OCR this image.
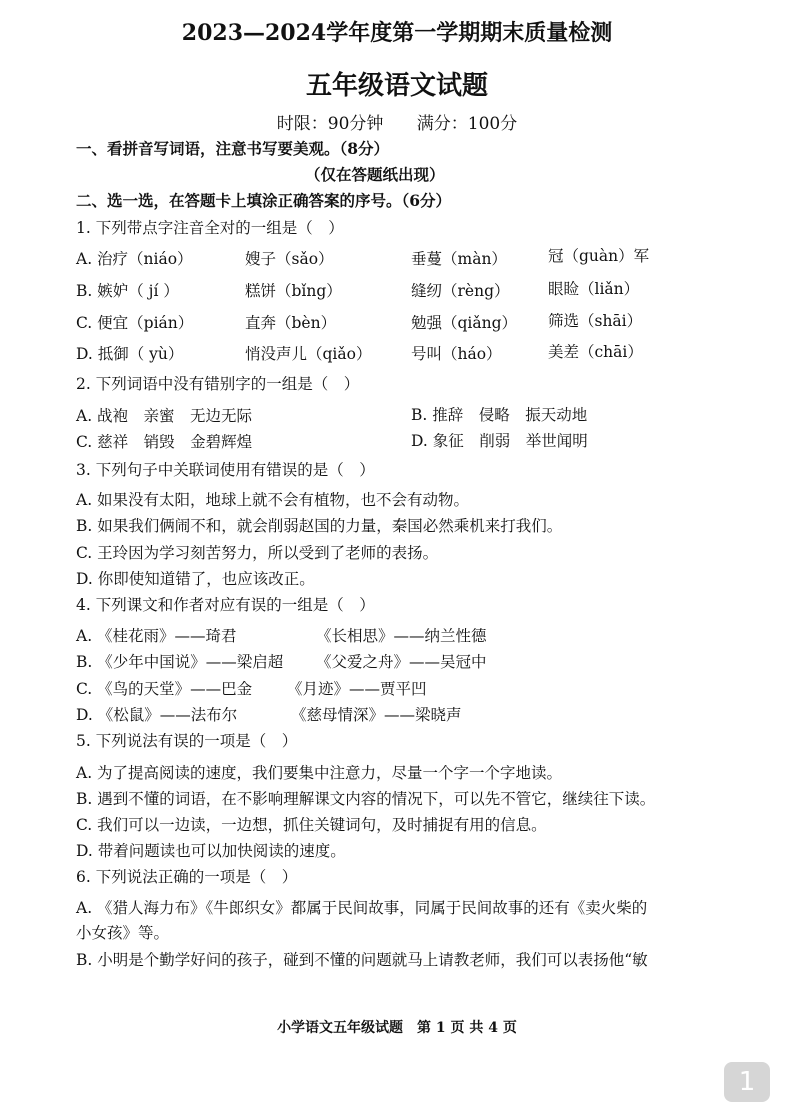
2023—2024学年度第一学期期末质量检测
五年级语文试题
时限：90分钟 满分：100分
一、看拼音写词语，注意书写要美观。（8分）
（仅在答题纸出现）
二、选一选，在答题卡上填涂正确答案的序号。（6分）
1. 下列带点字注音全对的一组是（　）
A. 治疗（niáo）	嫂子（sǎo）	垂蔓（màn）	冠（guàn）军
B. 嫉妒（ jí ）	糕饼（bǐng）	缝纫（rèng） 眼睑（liǎn）
C. 便宜（pián）	直奔（bèn）	勉强（qiǎng） 筛选（shāi）
D. 抵御（ yù）	悄没声儿（qiǎo）	号叫（háo）	美差（chāi）
2. 下列词语中没有错别字的一组是（　）
A. 战袍　亲蜜　无边无际	B. 推辞　侵略　振天动地
C. 慈祥　销毁　金碧辉煌	D. 象征　削弱　举世闻明
3. 下列句子中关联词使用有错误的是（　）
A. 如果没有太阳，地球上就不会有植物，也不会有动物。
B. 如果我们俩闹不和，就会削弱赵国的力量，秦国必然乘机来打我们。
C. 王玲因为学习刻苦努力，所以受到了老师的表扬。
D. 你即使知道错了，也应该改正。
4. 下列课文和作者对应有误的一组是（　）
A. 《桂花雨》——琦君	《长相思》——纳兰性德
B. 《少年中国说》——梁启超 《父爱之舟》——吴冠中
C. 《鸟的天堂》——巴金 《月迹》——贾平凹
D. 《松鼠》——法布尔	《慈母情深》——梁晓声
5. 下列说法有误的一项是（　）
A. 为了提高阅读的速度，我们要集中注意力，尽量一个字一个字地读。
B. 遇到不懂的词语，在不影响理解课文内容的情况下，可以先不管它，继续往下读。
C. 我们可以一边读，一边想，抓住关键词句，及时捕捉有用的信息。
D. 带着问题读也可以加快阅读的速度。
6. 下列说法正确的一项是（　）
A. 《猎人海力布》《牛郎织女》都属于民间故事，同属于民间故事的还有《卖火柴的
小女孩》等。
B. 小明是个勤学好问的孩子，碰到不懂的问题就马上请教老师，我们可以表扬他“敏
小学语文五年级试题　第 1 页 共 4 页
1
